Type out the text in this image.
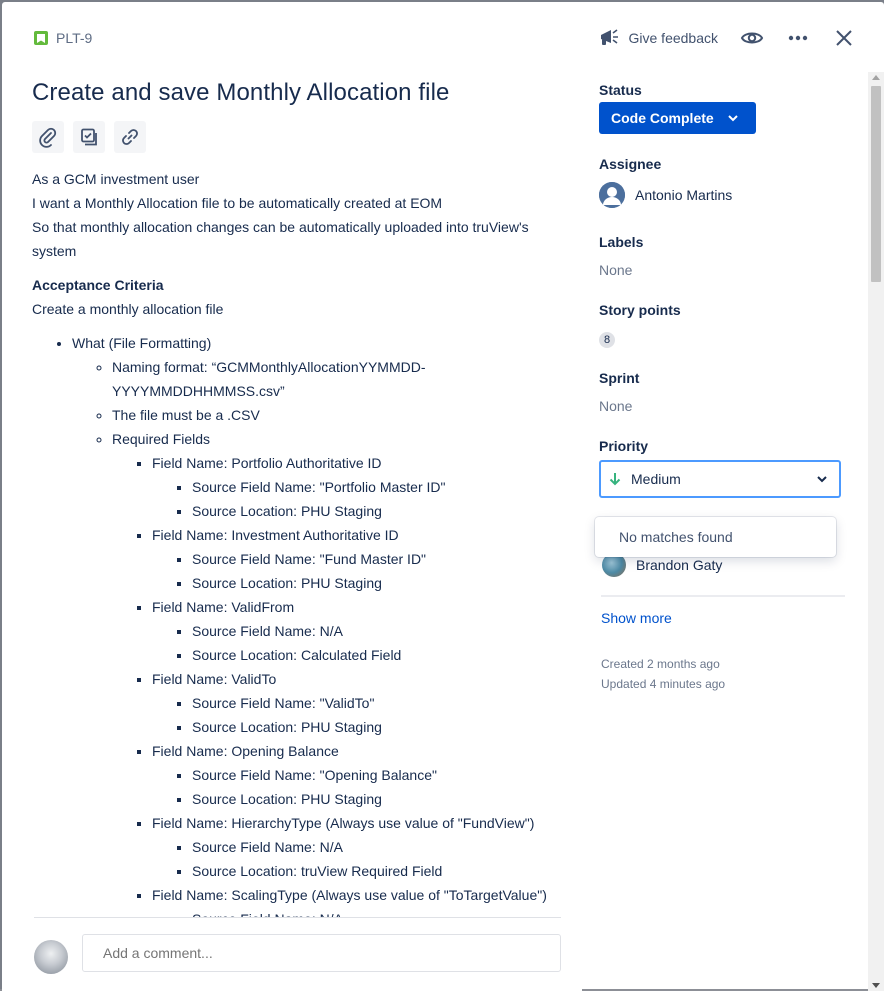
PLT-9	Give feedback
Create and save Monthly Allocation file

As a GCM investment user

I want a Monthly Allocation file to be automatically created at EOM

So that monthly allocation changes can be automatically uploaded into truView's system

Acceptance Criteria

Create a monthly allocation file

• What (File Formatting)
◦ Naming format: “GCMMonthlyAllocationYYMMDD-YYYYMMDDHHMMSS.csv”
◦ The file must be a .CSV
◦ Required Fields
▪ Field Name: Portfolio Authoritative ID
▪ Source Field Name: "Portfolio Master ID"
▪ Source Location: PHU Staging
▪ Field Name: Investment Authoritative ID
▪ Source Field Name: "Fund Master ID"
▪ Source Location: PHU Staging
▪ Field Name: ValidFrom
▪ Source Field Name: N/A
▪ Source Location: Calculated Field
▪ Field Name: ValidTo
▪ Source Field Name: "ValidTo"
▪ Source Location: PHU Staging
▪ Field Name: Opening Balance
▪ Source Field Name: "Opening Balance"
▪ Source Location: PHU Staging
▪ Field Name: HierarchyType (Always use value of "FundView")
▪ Source Field Name: N/A
▪ Source Location: truView Required Field
▪ Field Name: ScalingType (Always use value of "ToTargetValue")
▪
Add a comment...
Status
Code Complete
Assignee
Antonio Martins
Labels
None
Story points
8
Sprint
None
Priority
Medium
No matches found
Brandon Gaty
Show more
Created 2 months ago
Updated 4 minutes ago
